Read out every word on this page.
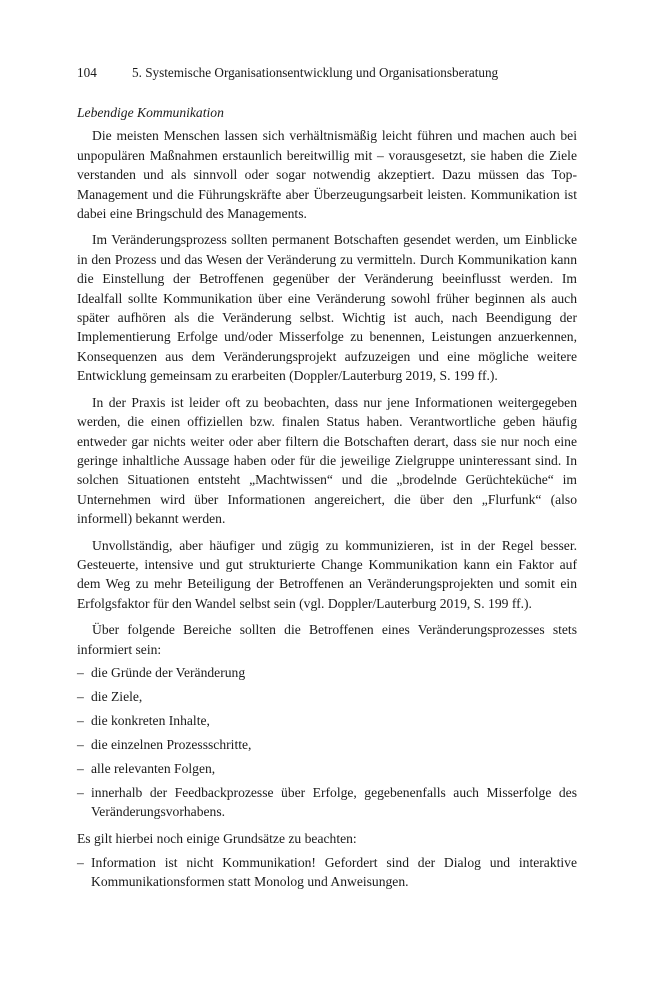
104	5. Systemische Organisationsentwicklung und Organisationsberatung

Lebendige Kommunikation

Die meisten Menschen lassen sich verhältnismäßig leicht führen und machen auch bei unpopulären Maßnahmen erstaunlich bereitwillig mit – vorausgesetzt, sie haben die Ziele verstanden und als sinnvoll oder sogar notwendig akzeptiert. Dazu müssen das Top-Management und die Führungskräfte aber Überzeugungsarbeit leisten. Kommunikation ist dabei eine Bringschuld des Managements.

Im Veränderungsprozess sollten permanent Botschaften gesendet werden, um Einblicke in den Prozess und das Wesen der Veränderung zu vermitteln. Durch Kommunikation kann die Einstellung der Betroffenen gegenüber der Veränderung beeinflusst werden. Im Idealfall sollte Kommunikation über eine Veränderung sowohl früher beginnen als auch später aufhören als die Veränderung selbst. Wichtig ist auch, nach Beendigung der Implementierung Erfolge und/oder Misserfolge zu benennen, Leistungen anzuerkennen, Konsequenzen aus dem Veränderungsprojekt aufzuzeigen und eine mögliche weitere Entwicklung gemeinsam zu erarbeiten (Doppler/Lauterburg 2019, S. 199 ff.).

In der Praxis ist leider oft zu beobachten, dass nur jene Informationen weitergegeben werden, die einen offiziellen bzw. finalen Status haben. Verantwortliche geben häufig entweder gar nichts weiter oder aber filtern die Botschaften derart, dass sie nur noch eine geringe inhaltliche Aussage haben oder für die jeweilige Zielgruppe uninteressant sind. In solchen Situationen entsteht „Machtwissen“ und die „brodelnde Gerüchteküche“ im Unternehmen wird über Informationen angereichert, die über den „Flurfunk“ (also informell) bekannt werden.

Unvollständig, aber häufiger und zügig zu kommunizieren, ist in der Regel besser. Gesteuerte, intensive und gut strukturierte Change Kommunikation kann ein Faktor auf dem Weg zu mehr Beteiligung der Betroffenen an Veränderungsprojekten und somit ein Erfolgsfaktor für den Wandel selbst sein (vgl. Doppler/Lauterburg 2019, S. 199 ff.).

Über folgende Bereiche sollten die Betroffenen eines Veränderungsprozesses stets informiert sein:

– die Gründe der Veränderung
– die Ziele,
– die konkreten Inhalte,
– die einzelnen Prozessschritte,
– alle relevanten Folgen,
– innerhalb der Feedbackprozesse über Erfolge, gegebenenfalls auch Misserfolge des Veränderungsvorhabens.

Es gilt hierbei noch einige Grundsätze zu beachten:

– Information ist nicht Kommunikation! Gefordert sind der Dialog und interaktive Kommunikationsformen statt Monolog und Anweisungen.
